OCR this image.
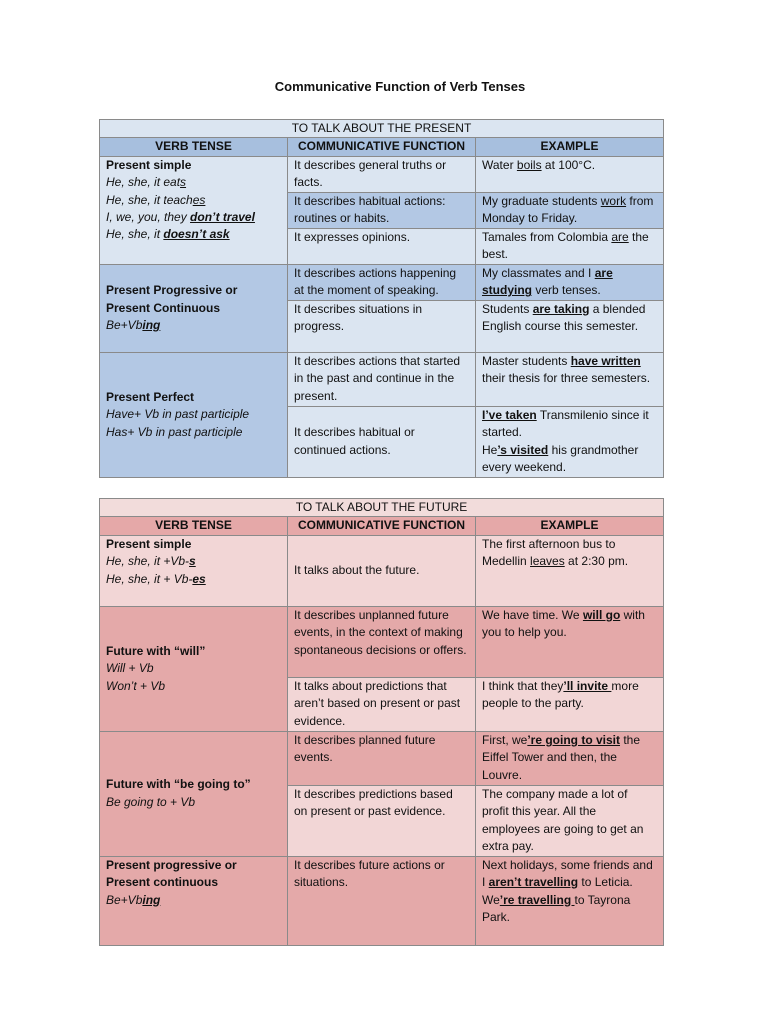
Communicative Function of Verb Tenses
TO TALK ABOUT THE PRESENT		
VERB TENSE	COMMUNICATIVE FUNCTION	EXAMPLE

Present simple
He, she, it eats
He, she, it teaches
I, we, you, they don’t travel
He, she, it doesn’t ask	It describes general truths or facts.	Water boils at 100°C.
	It describes habitual actions: routines or habits.	My graduate students work from Monday to Friday.
	It expresses opinions.	Tamales from Colombia are the best.

Present Progressive or Present Continuous
Be+Vbing	It describes actions happening at the moment of speaking.	My classmates and I are studying verb tenses.
	It describes situations in progress.	Students are taking a blended English course this semester.

Present Perfect
Have+ Vb in past participle
Has+ Vb in past participle	It describes actions that started in the past and continue in the present.	Master students have written their thesis for three semesters.
	It describes habitual or continued actions.	I’ve taken Transmilenio since it started.
He’s visited his grandmother every weekend.
TO TALK ABOUT THE FUTURE		
VERB TENSE	COMMUNICATIVE FUNCTION	EXAMPLE

Present simple
He, she, it +Vb-s
He, she, it + Vb-es	It talks about the future.	The first afternoon bus to Medellin leaves at 2:30 pm.

Future with “will”
Will + Vb
Won’t + Vb	It describes unplanned future events, in the context of making spontaneous decisions or offers.	We have time. We will go with you to help you.
	It talks about predictions that aren’t based on present or past evidence.	I think that they’ll invite more people to the party.

Future with “be going to”
Be going to + Vb	It describes planned future events.	First, we’re going to visit the Eiffel Tower and then, the Louvre.
	It describes predictions based on present or past evidence.	The company made a lot of profit this year. All the employees are going to get an extra pay.

Present progressive or Present continuous
Be+Vbing	It describes future actions or situations.	Next holidays, some friends and I aren’t travelling to Leticia. We’re travelling to Tayrona Park.
